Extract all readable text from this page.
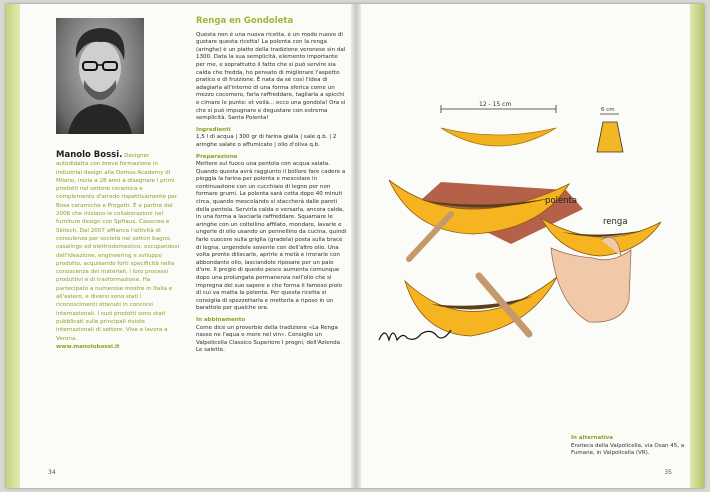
Manolo Bossi. Designer autodidatta con breve formazione in industrial design alla Domus Academy di Milano, inizia a 28 anni a disegnare i primi prodotti nel settore ceramica e complemento d'arredo rispettivamente per Bosa ceramiche e Progetti. È a partire dal 2006 che iniziano le collaborazioni nel furniture design con SpHaus, Casscrea e Skitsch. Dal 2007 affianca l'attività di consulenza per società nei settori bagno, casalingo ed elettrodomestico, occupandosi dell'ideazione, engineering e sviluppo prodotto, acquisendo forti specificità nella conoscenza dei materiali, i loro processi produttivi e di trasformazione. Ha partecipato a numerose mostre in Italia e all'estero, e diversi sono stati i riconoscimenti ottenuti in concorsi internazionali. I suoi prodotti sono stati pubblicati sulle principali riviste internazionali di settore. Vive e lavora a Verona.
www.manolobossi.it
Renga en Gondoleta
Questa non è una nuova ricetta, è un modo nuovo di gustare questa ricetta! La polenta con la renga (aringhe) è un piatto della tradizione veronese sin dal 1300. Data la sua semplicità, elemento importante per me, e soprattutto il fatto che si può servire sia calda che fredda, ho pensato di migliorare l'aspetto pratico e di fruizione. È nata da sé così l'idea di adagiarla all'interno di una forma sferica come un mezzo cocomero, farla raffreddare, tagliarla a spicchi e cimare le punte: et voilà... ecco una gondola! Ora si che si può impugnare e degustare con estrema semplicità. Santa Polenta!
Ingredienti
1,5 l di acqua | 300 gr di farina gialla | sale q.b. | 2 aringhe salate o affumicate | olio d'oliva q.b.
Preparazione
Mettere sul fuoco una pentola con acqua salata. Quando questa avrà raggiunto il bollore fare cadere a pioggia la farina per polenta e mescolare in continuazione con un cucchiaio di legno per non formare grumi. La polenta sarà cotta dopo 40 minuti circa, quando mescolando si staccherà dalle pareti della pentola. Servirla calda o versarla, ancora calda, in una forma a lasciarla raffreddare. Squamare le aringhe con un coltellino affilato, mondare, lavarle e ungerle di olio usando un pennellino da cucina, quindi farle cuocere sulla griglia (gradela) posta sulla brace di legna, ungendole sovente con dell'altro olio. Una volta pronte diliscarle, aprirle a metà e irrorarle con abbondante olio, lasciandole riposare per un paio d'ore. Il pregio di questo pesce aumenta comunque dopo una prolungata permanenza nell'olio che si impregna del suo sapore e che forma il famoso piolo di cui va matta la polenta. Per questa ricetta si consiglia di spezzettarla e metterla a riposo in un barattolo per qualche ora.
In abbinamento
Come dice un proverbio della tradizione «La Renga nasse ne l'aqua e more nel vin». Consiglio un Valpolicella Classico Superiore I progni, dell'Azienda Le salette.
34
12 - 15 cm
6 cm
polenta
renga
Manolo Bossi
In alternativa
Enoteca della Valpolicella, via Osan 45, a Fumane, in Valpolicella (VR).
35
